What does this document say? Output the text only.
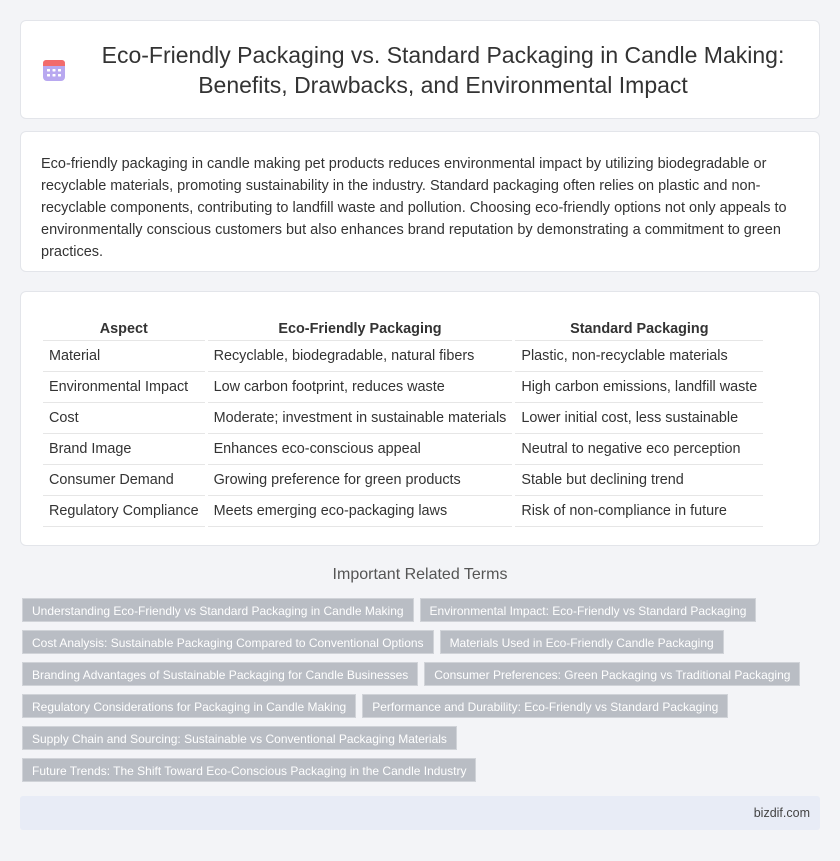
Eco-Friendly Packaging vs. Standard Packaging in Candle Making: Benefits, Drawbacks, and Environmental Impact

Eco-friendly packaging in candle making pet products reduces environmental impact by utilizing biodegradable or recyclable materials, promoting sustainability in the industry. Standard packaging often relies on plastic and non-recyclable components, contributing to landfill waste and pollution. Choosing eco-friendly options not only appeals to environmentally conscious customers but also enhances brand reputation by demonstrating a commitment to green practices.

Aspect	Eco-Friendly Packaging	Standard Packaging
Material	Recyclable, biodegradable, natural fibers	Plastic, non-recyclable materials
Environmental Impact	Low carbon footprint, reduces waste	High carbon emissions, landfill waste
Cost	Moderate; investment in sustainable materials	Lower initial cost, less sustainable
Brand Image	Enhances eco-conscious appeal	Neutral to negative eco perception
Consumer Demand	Growing preference for green products	Stable but declining trend
Regulatory Compliance	Meets emerging eco-packaging laws	Risk of non-compliance in future
Important Related Terms
Understanding Eco-Friendly vs Standard Packaging in Candle Making	Environmental Impact: Eco-Friendly vs Standard Packaging
Cost Analysis: Sustainable Packaging Compared to Conventional Options	Materials Used in Eco-Friendly Candle Packaging
Branding Advantages of Sustainable Packaging for Candle Businesses	Consumer Preferences: Green Packaging vs Traditional Packaging
Regulatory Considerations for Packaging in Candle Making	Performance and Durability: Eco-Friendly vs Standard Packaging
Supply Chain and Sourcing: Sustainable vs Conventional Packaging Materials
Future Trends: The Shift Toward Eco-Conscious Packaging in the Candle Industry
bizdif.com
